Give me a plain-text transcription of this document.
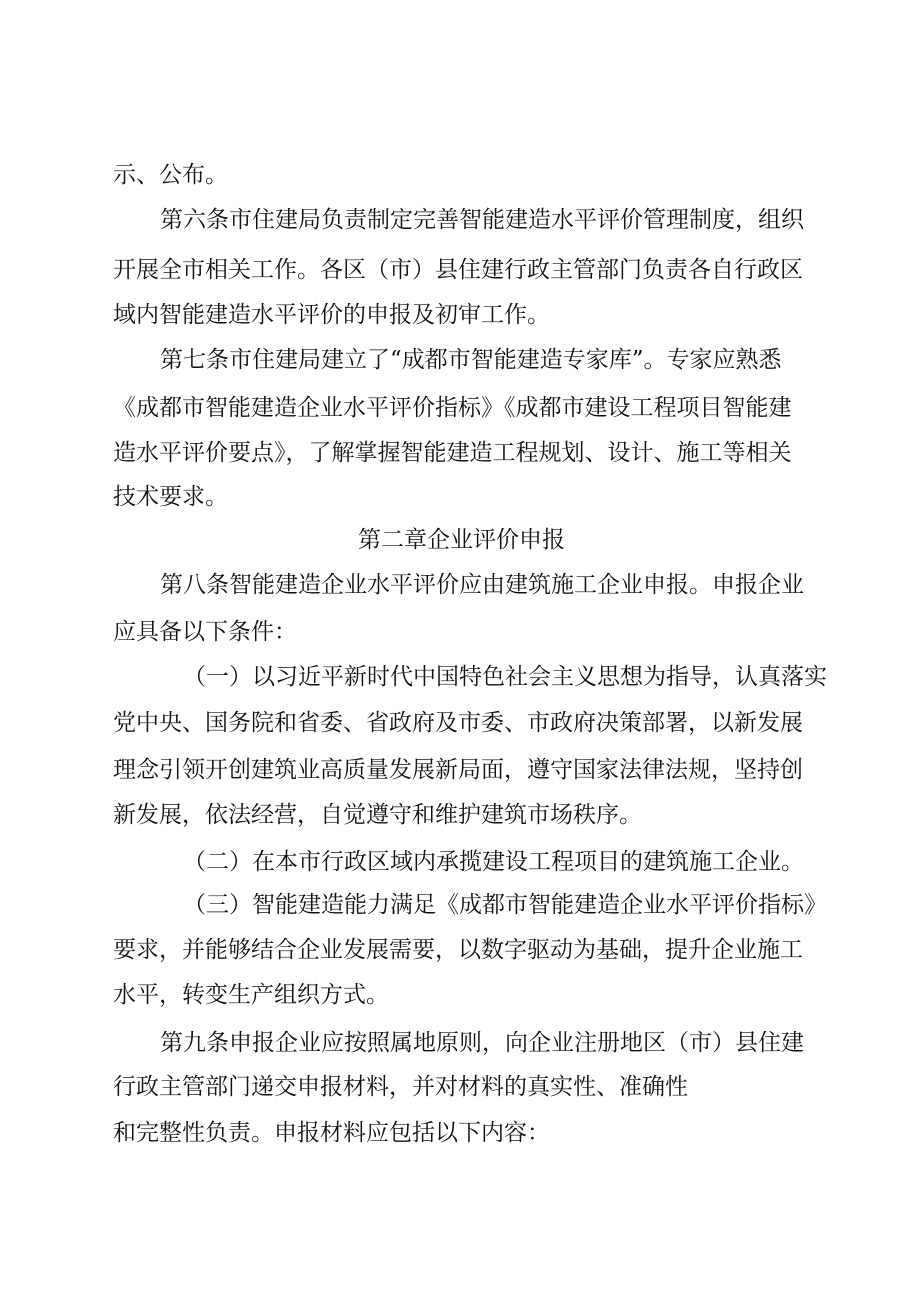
示、公布。
第六条市住建局负责制定完善智能建造水平评价管理制度，组织
开展全市相关工作。各区（市）县住建行政主管部门负责各自行政区
域内智能建造水平评价的申报及初审工作。
第七条市住建局建立了“成都市智能建造专家库”。专家应熟悉
《成都市智能建造企业水平评价指标》《成都市建设工程项目智能建
造水平评价要点》，了解掌握智能建造工程规划、设计、施工等相关
技术要求。
第二章企业评价申报
第八条智能建造企业水平评价应由建筑施工企业申报。申报企业
应具备以下条件：
（一）以习近平新时代中国特色社会主义思想为指导，认真落实
党中央、国务院和省委、省政府及市委、市政府决策部署，以新发展
理念引领开创建筑业高质量发展新局面，遵守国家法律法规，坚持创
新发展，依法经营，自觉遵守和维护建筑市场秩序。
（二）在本市行政区域内承揽建设工程项目的建筑施工企业。
（三）智能建造能力满足《成都市智能建造企业水平评价指标》
要求，并能够结合企业发展需要，以数字驱动为基础，提升企业施工
水平，转变生产组织方式。
第九条申报企业应按照属地原则，向企业注册地区（市）县住建
行政主管部门递交申报材料，并对材料的真实性、准确性
和完整性负责。申报材料应包括以下内容：
